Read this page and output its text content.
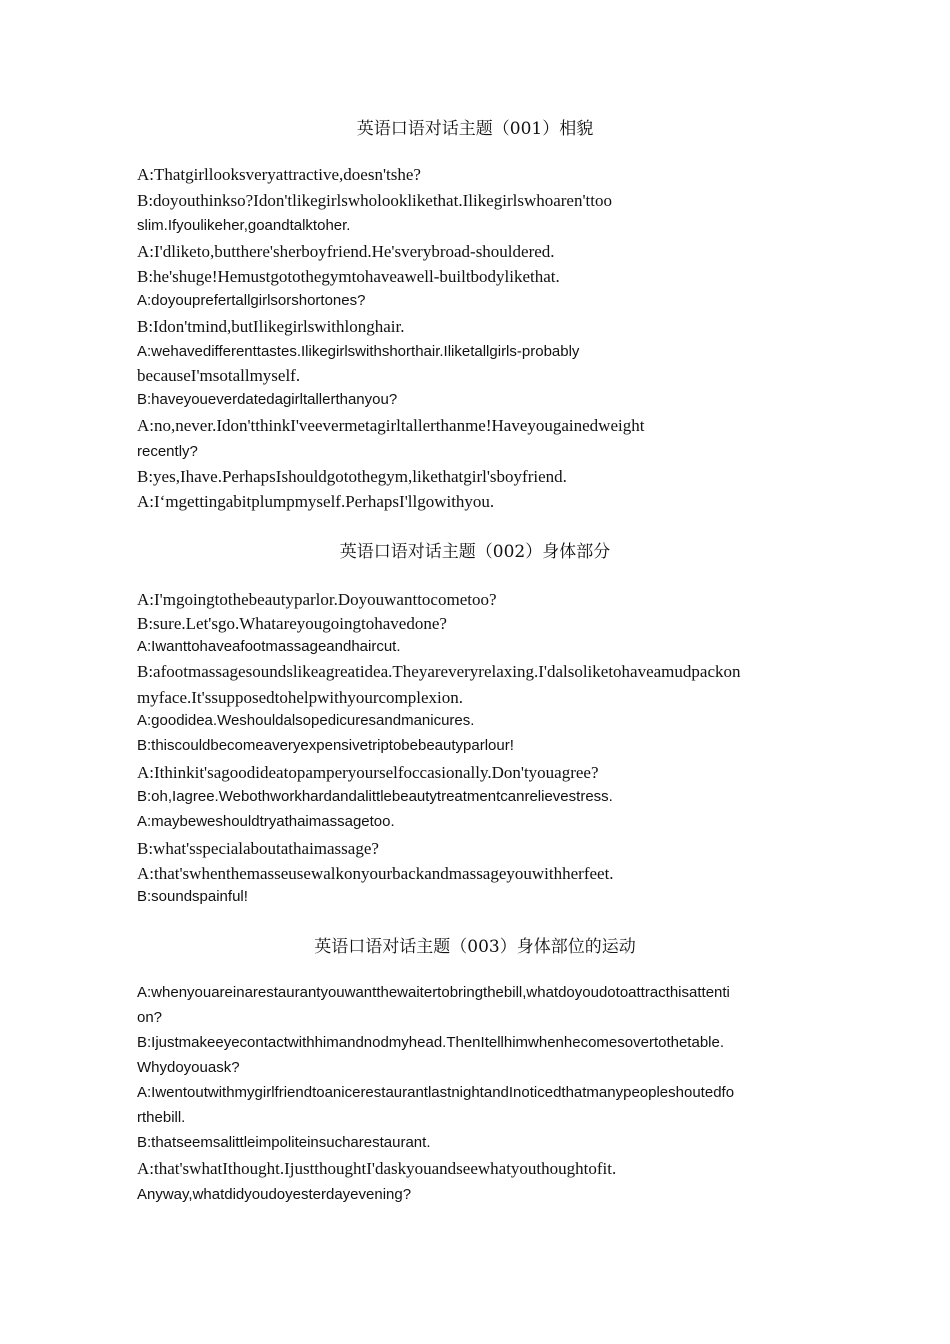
英语口语对话主题（001）相貌
A:Thatgirllooksveryattractive,doesn'tshe?
B:doyouthinkso?Idon'tlikegirlswholooklikethat.Ilikegirlswhoaren'ttoo
slim.Ifyoulikeher,goandtalktoher.
A:I'dliketo,butthere'sherboyfriend.He'sverybroad-shouldered.
B:he'shuge!Hemustgotothegymtohaveawell-builtbodylikethat.
A:doyouprefertallgirlsorshortones?
B:Idon'tmind,butIlikegirlswithlonghair.
A:wehavedifferenttastes.Ilikegirlswithshorthair.Iliketallgirls-probably
becauseI'msotallmyself.
B:haveyoueverdatedagirltallerthanyou?
A:no,never.Idon'tthinkI'veevermetagirltallerthanme!Haveyougainedweight
recently?
B:yes,Ihave.PerhapsIshouldgotothegym,likethatgirl'sboyfriend.
A:I‘mgettingabitplumpmyself.PerhapsI'llgowithyou.
英语口语对话主题（002）身体部分
A:I'mgoingtothebeautyparlor.Doyouwanttocometoo?
B:sure.Let'sgo.Whatareyougoingtohavedone?
A:Iwanttohaveafootmassageandhaircut.
B:afootmassagesoundslikeagreatidea.Theyareveryrelaxing.I'dalsoliketohaveamudpackon
myface.It'ssupposedtohelpwithyourcomplexion.
A:goodidea.Weshouldalsopedicuresandmanicures.
B:thiscouldbecomeaveryexpensivetriptobebeautyparlour!
A:Ithinkit'sagoodideatopamperyourselfoccasionally.Don'tyouagree?
B:oh,Iagree.Webothworkhardandalittlebeautytreatmentcanrelievestress.
A:maybeweshouldtryathaimassagetoo.
B:what'sspecialaboutathaimassage?
A:that'swhenthemasseusewalkonyourbackandmassageyouwithherfeet.
B:soundspainful!
英语口语对话主题（003）身体部位的运动
A:whenyouareinarestaurantyouwantthewaitertobringthebill,whatdoyoudotoattracthisattenti
on?
B:Ijustmakeeyecontactwithhimandnodmyhead.ThenItellhimwhenhecomesovertothetable.
Whydoyouask?
A:IwentoutwithmygirlfriendtoanicerestaurantlastnightandInoticedthatmanypeopleshoutedfo
rthebill.
B:thatseemsalittleimpoliteinsucharestaurant.
A:that'swhatIthought.IjustthoughtI'daskyouandseewhatyouthoughtofit.
Anyway,whatdidyoudoyesterdayevening?
